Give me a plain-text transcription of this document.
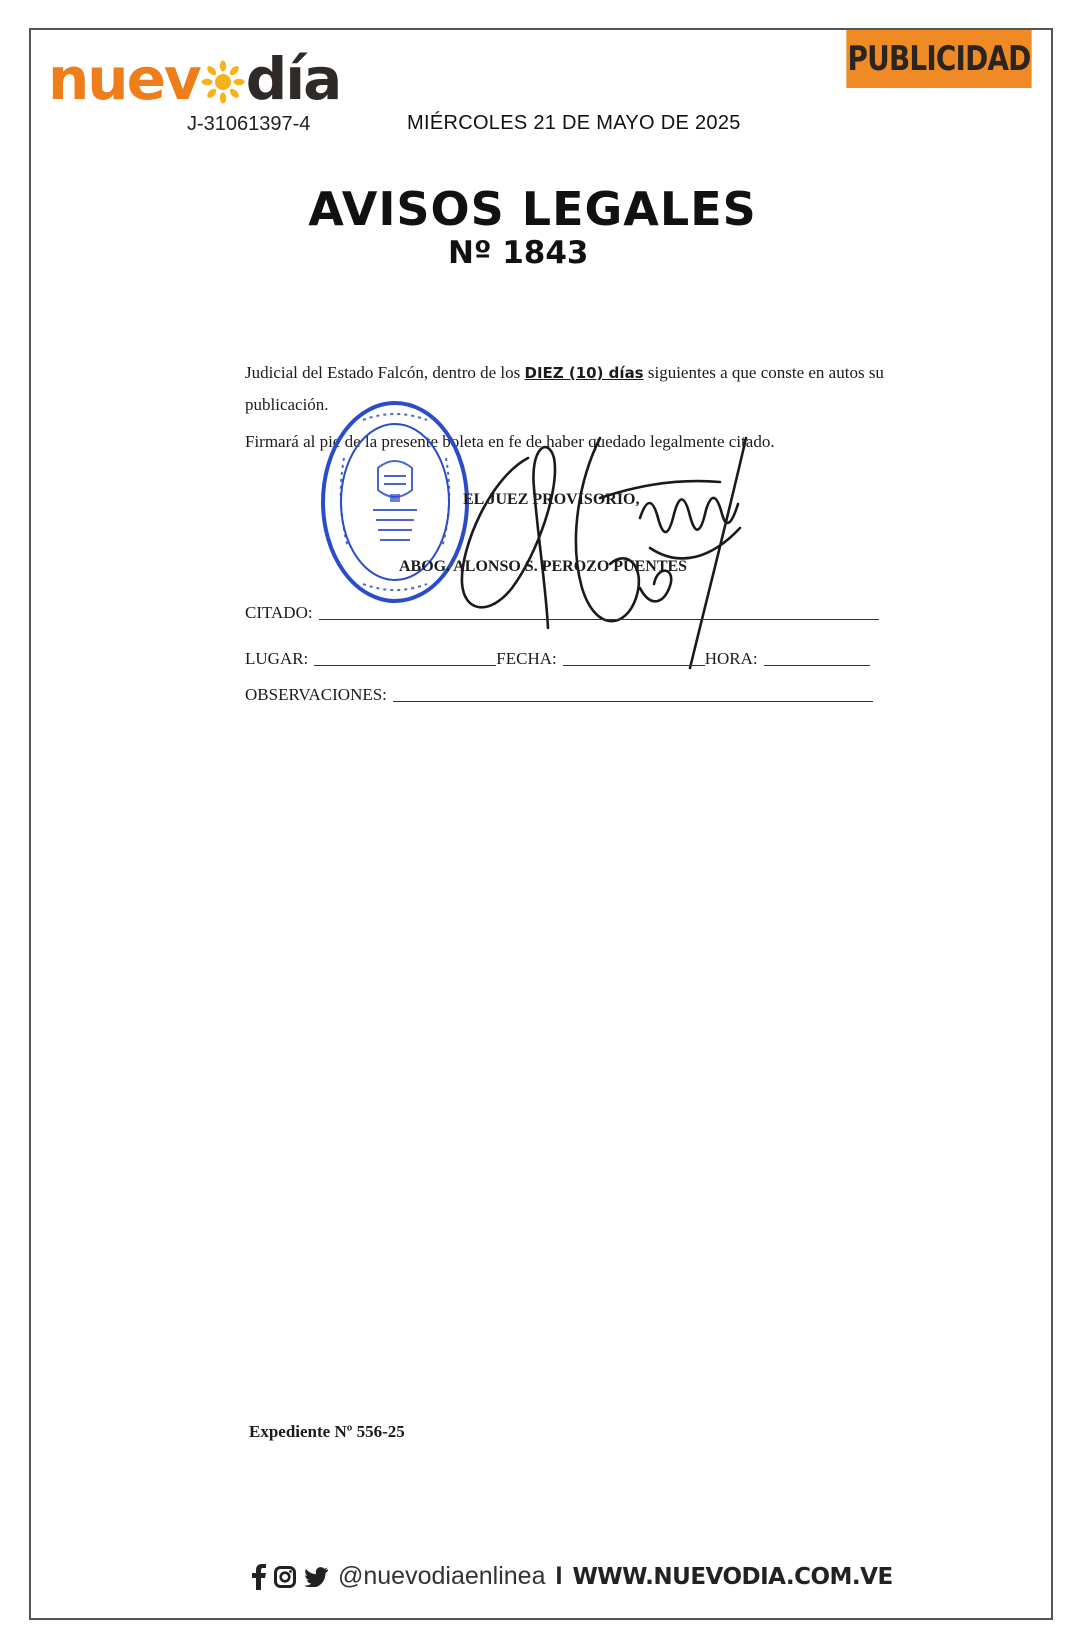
nuev día
J-31061397-4	MIÉRCOLES 21 DE MAYO DE 2025
PUBLICIDAD
AVISOS LEGALES
Nº 1843
Judicial del Estado Falcón, dentro de los DIEZ (10) días siguientes a que conste en autos su publicación.
Firmará al pie de la presente boleta en fe de haber quedado legalmente citado.
EL JUEZ PROVISORIO,
ABOG. ALONSO S. PEROZO PUENTES
CITADO:
LUGAR:	FECHA:	HORA:
OBSERVACIONES:
Expediente Nº 556-25
@nuevodiaenlinea I WWW.NUEVODIA.COM.VE
